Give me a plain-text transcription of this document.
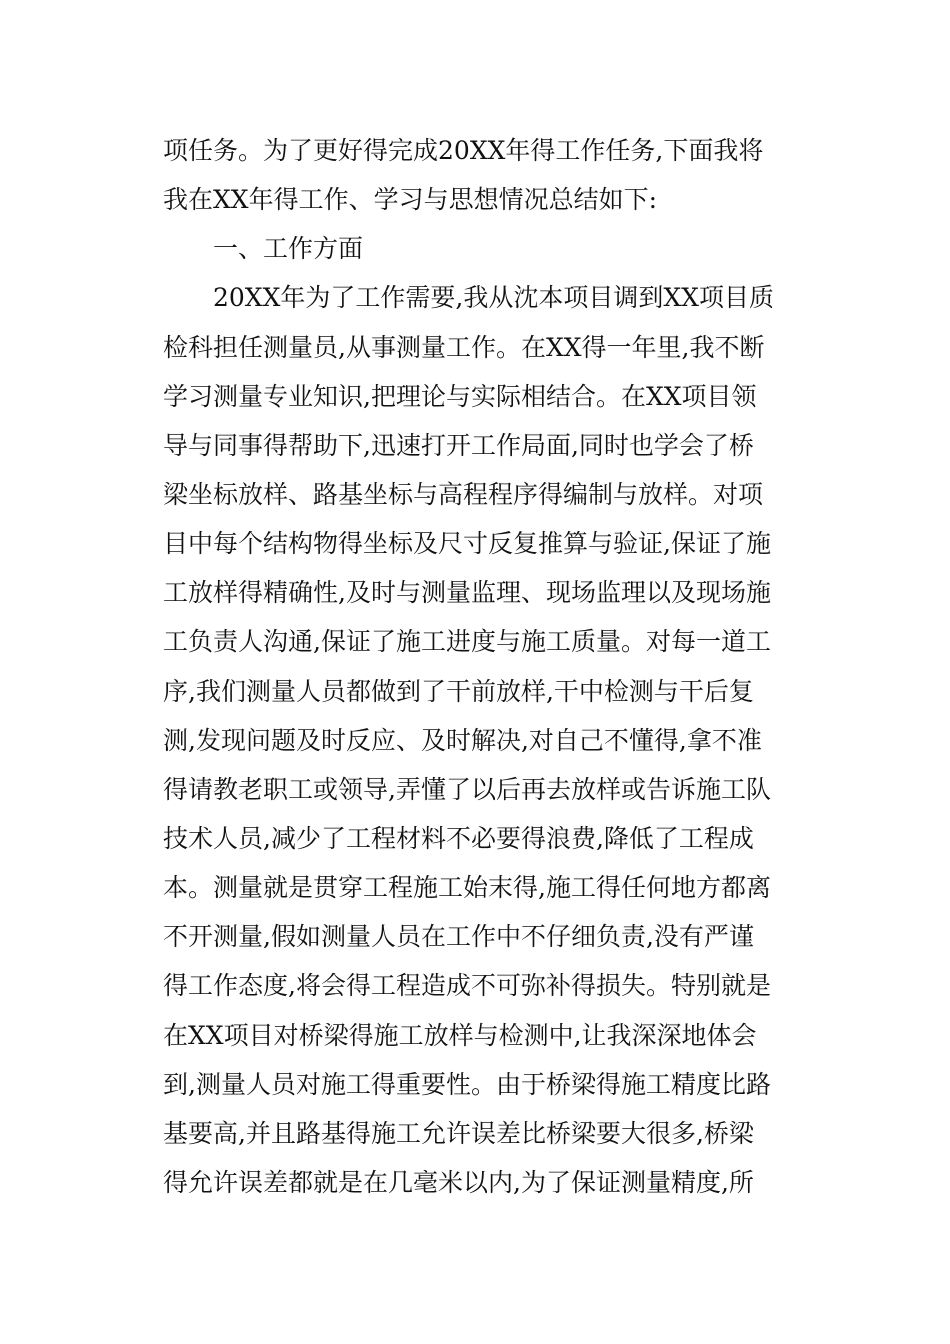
项任务。为了更好得完成20XX年得工作任务,下面我将
我在XX年得工作、学习与思想情况总结如下:
一、工作方面
20XX年为了工作需要,我从沈本项目调到XX项目质
检科担任测量员,从事测量工作。在XX得一年里,我不断
学习测量专业知识,把理论与实际相结合。在XX项目领
导与同事得帮助下,迅速打开工作局面,同时也学会了桥
梁坐标放样、路基坐标与高程程序得编制与放样。对项
目中每个结构物得坐标及尺寸反复推算与验证,保证了施
工放样得精确性,及时与测量监理、现场监理以及现场施
工负责人沟通,保证了施工进度与施工质量。对每一道工
序,我们测量人员都做到了干前放样,干中检测与干后复
测,发现问题及时反应、及时解决,对自己不懂得,拿不准
得请教老职工或领导,弄懂了以后再去放样或告诉施工队
技术人员,减少了工程材料不必要得浪费,降低了工程成
本。测量就是贯穿工程施工始末得,施工得任何地方都离
不开测量,假如测量人员在工作中不仔细负责,没有严谨
得工作态度,将会得工程造成不可弥补得损失。特别就是
在XX项目对桥梁得施工放样与检测中,让我深深地体会
到,测量人员对施工得重要性。由于桥梁得施工精度比路
基要高,并且路基得施工允许误差比桥梁要大很多,桥梁
得允许误差都就是在几毫米以内,为了保证测量精度,所
